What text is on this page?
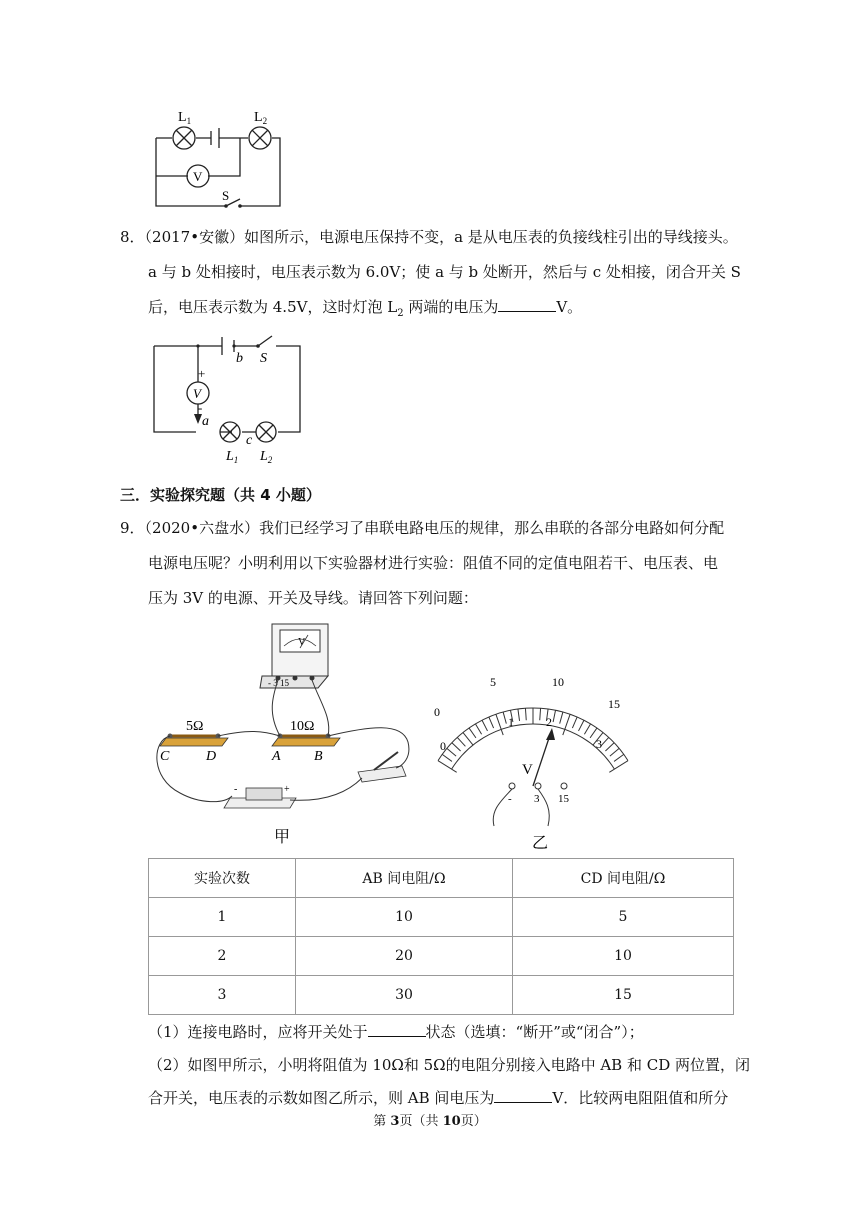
$L_1$	$L_2$
V
S
8．（2017•安徽）如图所示，电源电压保持不变，a 是从电压表的负接线柱引出的导线接头。
a 与 b 处相接时，电压表示数为 6.0V；使 a 与 b 处断开，然后与 c 处相接，闭合开关 S
后，电压表示数为 4.5V，这时灯泡 $L_2$ 两端的电压为	V。
b S
+
V
-
a
c
$L_1$ $L_2$
三．实验探究题（共 4 小题）
9．（2020•六盘水）我们已经学习了串联电路电压的规律，那么串联的各部分电路如何分配
电源电压呢？小明利用以下实验器材进行实验：阻值不同的定值电阻若干、电压表、电
压为 3V 的电源、开关及导线。请回答下列问题：
V
- 3 15
5Ω
C	D
10Ω
A B
-	+
甲
0
5	10
15
0
1	2
3
V
- 3 15
乙
实验次数	AB 间电阻/Ω	CD 间电阻/Ω
1	10	5
2	20	10
3	30	15
（1）连接电路时，应将开关处于	状态（选填：“断开”或“闭合”）；
（2）如图甲所示，小明将阻值为 10Ω和 5Ω的电阻分别接入电路中 AB 和 CD 两位置，闭
合开关，电压表的示数如图乙所示，则 AB 间电压为	V．比较两电阻阻值和所分
第 3页（共 10页）
